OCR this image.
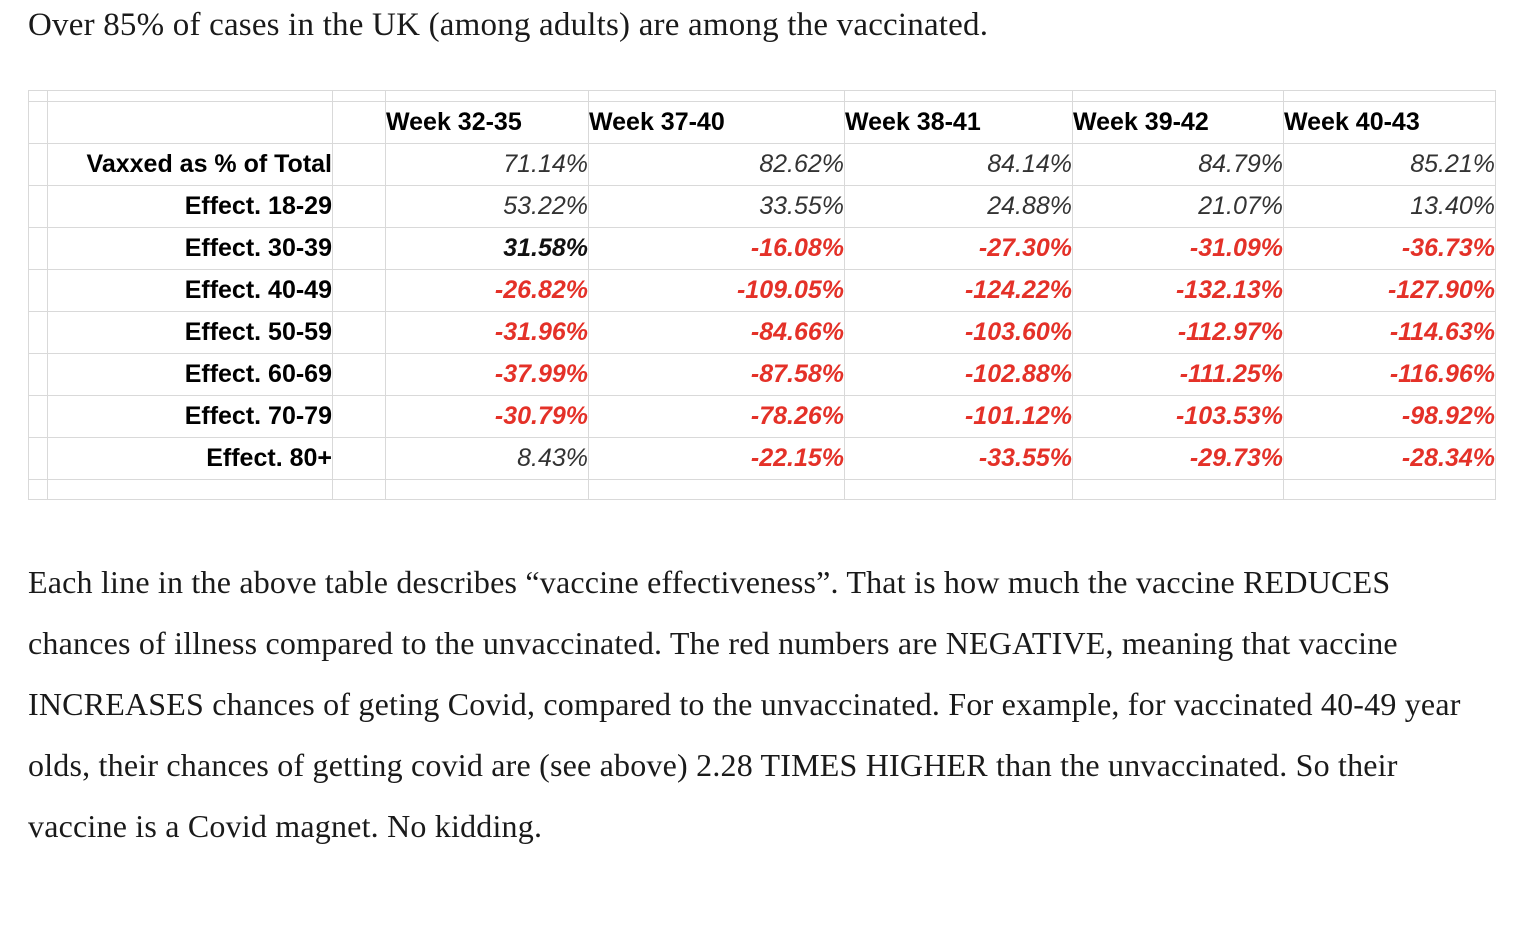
Over 85% of cases in the UK (among adults) are among the vaccinated.

			Week 32-35	Week 37-40	Week 38-41	Week 39-42	Week 40-43
	Vaxxed as % of Total		71.14%	82.62%	84.14%	84.79%	85.21%
	Effect. 18-29		53.22%	33.55%	24.88%	21.07%	13.40%
	Effect. 30-39		31.58%	-16.08%	-27.30%	-31.09%	-36.73%
	Effect. 40-49		-26.82%	-109.05%	-124.22%	-132.13%	-127.90%
	Effect. 50-59		-31.96%	-84.66%	-103.60%	-112.97%	-114.63%
	Effect. 60-69		-37.99%	-87.58%	-102.88%	-111.25%	-116.96%
	Effect. 70-79		-30.79%	-78.26%	-101.12%	-103.53%	-98.92%
	Effect. 80+		8.43%	-22.15%	-33.55%	-29.73%	-28.34%

Each line in the above table describes “vaccine effectiveness”. That is how much the vaccine REDUCES chances of illness compared to the unvaccinated. The red numbers are NEGATIVE, meaning that vaccine INCREASES chances of geting Covid, compared to the unvaccinated. For example, for vaccinated 40-49 year olds, their chances of getting covid are (see above) 2.28 TIMES HIGHER than the unvaccinated. So their vaccine is a Covid magnet. No kidding.
